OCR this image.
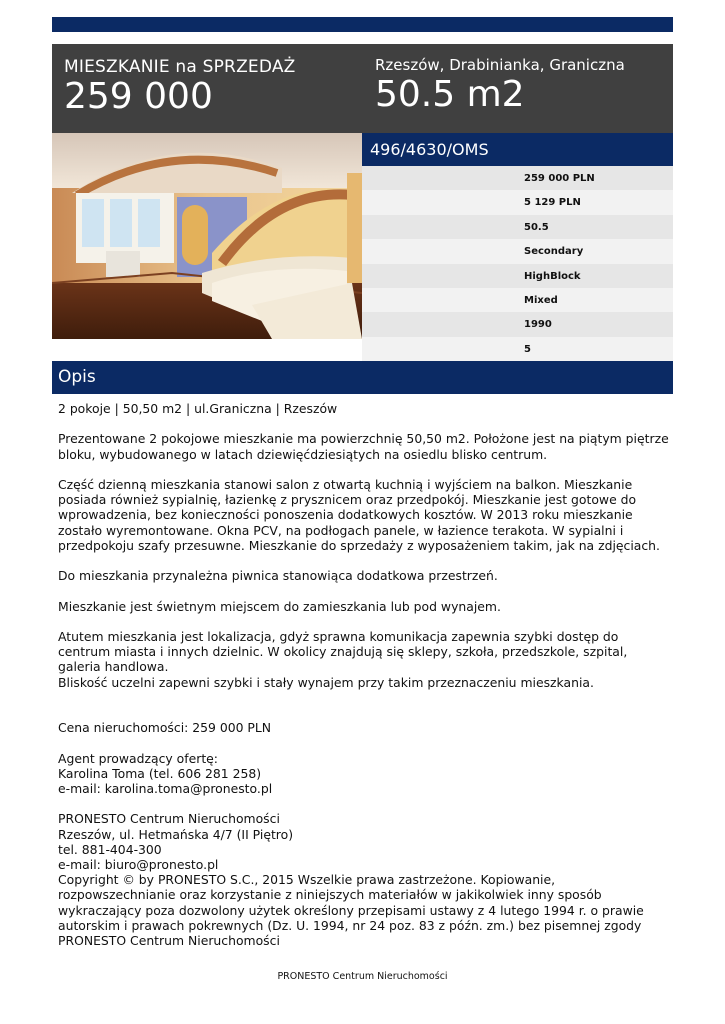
MIESZKANIE na SPRZEDAŻ
259 000
Rzeszów, Drabinianka, Graniczna
50.5 m2
496/4630/OMS
259 000 PLN
5 129 PLN
50.5
Secondary
HighBlock
Mixed
1990
5
Opis

2 pokoje | 50,50 m2 | ul.Graniczna | Rzeszów

Prezentowane 2 pokojowe mieszkanie ma powierzchnię 50,50 m2. Położone jest na piątym piętrze bloku, wybudowanego w latach dziewięćdziesiątych na osiedlu blisko centrum.

Część dzienną mieszkania stanowi salon z otwartą kuchnią i wyjściem na balkon. Mieszkanie posiada również sypialnię, łazienkę z prysznicem oraz przedpokój. Mieszkanie jest gotowe do wprowadzenia, bez konieczności ponoszenia dodatkowych kosztów. W 2013 roku mieszkanie zostało wyremontowane. Okna PCV, na podłogach panele, w łazience terakota. W sypialni i przedpokoju szafy przesuwne. Mieszkanie do sprzedaży z wyposażeniem takim, jak na zdjęciach.

Do mieszkania przynależna piwnica stanowiąca dodatkowa przestrzeń.

Mieszkanie jest świetnym miejscem do zamieszkania lub pod wynajem.

Atutem mieszkania jest lokalizacja, gdyż sprawna komunikacja zapewnia szybki dostęp do centrum miasta i innych dzielnic. W okolicy znajdują się sklepy, szkoła, przedszkole, szpital, galeria handlowa.

Bliskość uczelni zapewni szybki i stały wynajem przy takim przeznaczeniu mieszkania.

Cena nieruchomości: 259 000 PLN

Agent prowadzący ofertę:

Karolina Toma (tel. 606 281 258)

e-mail: karolina.toma@pronesto.pl

PRONESTO Centrum Nieruchomości

Rzeszów, ul. Hetmańska 4/7 (II Piętro)

tel. 881-404-300

e-mail: biuro@pronesto.pl

Copyright © by PRONESTO S.C., 2015 Wszelkie prawa zastrzeżone. Kopiowanie, rozpowszechnianie oraz korzystanie z niniejszych materiałów w jakikolwiek inny sposób wykraczający poza dozwolony użytek określony przepisami ustawy z 4 lutego 1994 r. o prawie autorskim i prawach pokrewnych (Dz. U. 1994, nr 24 poz. 83 z późn. zm.) bez pisemnej zgody PRONESTO Centrum Nieruchomości

PRONESTO Centrum Nieruchomości
